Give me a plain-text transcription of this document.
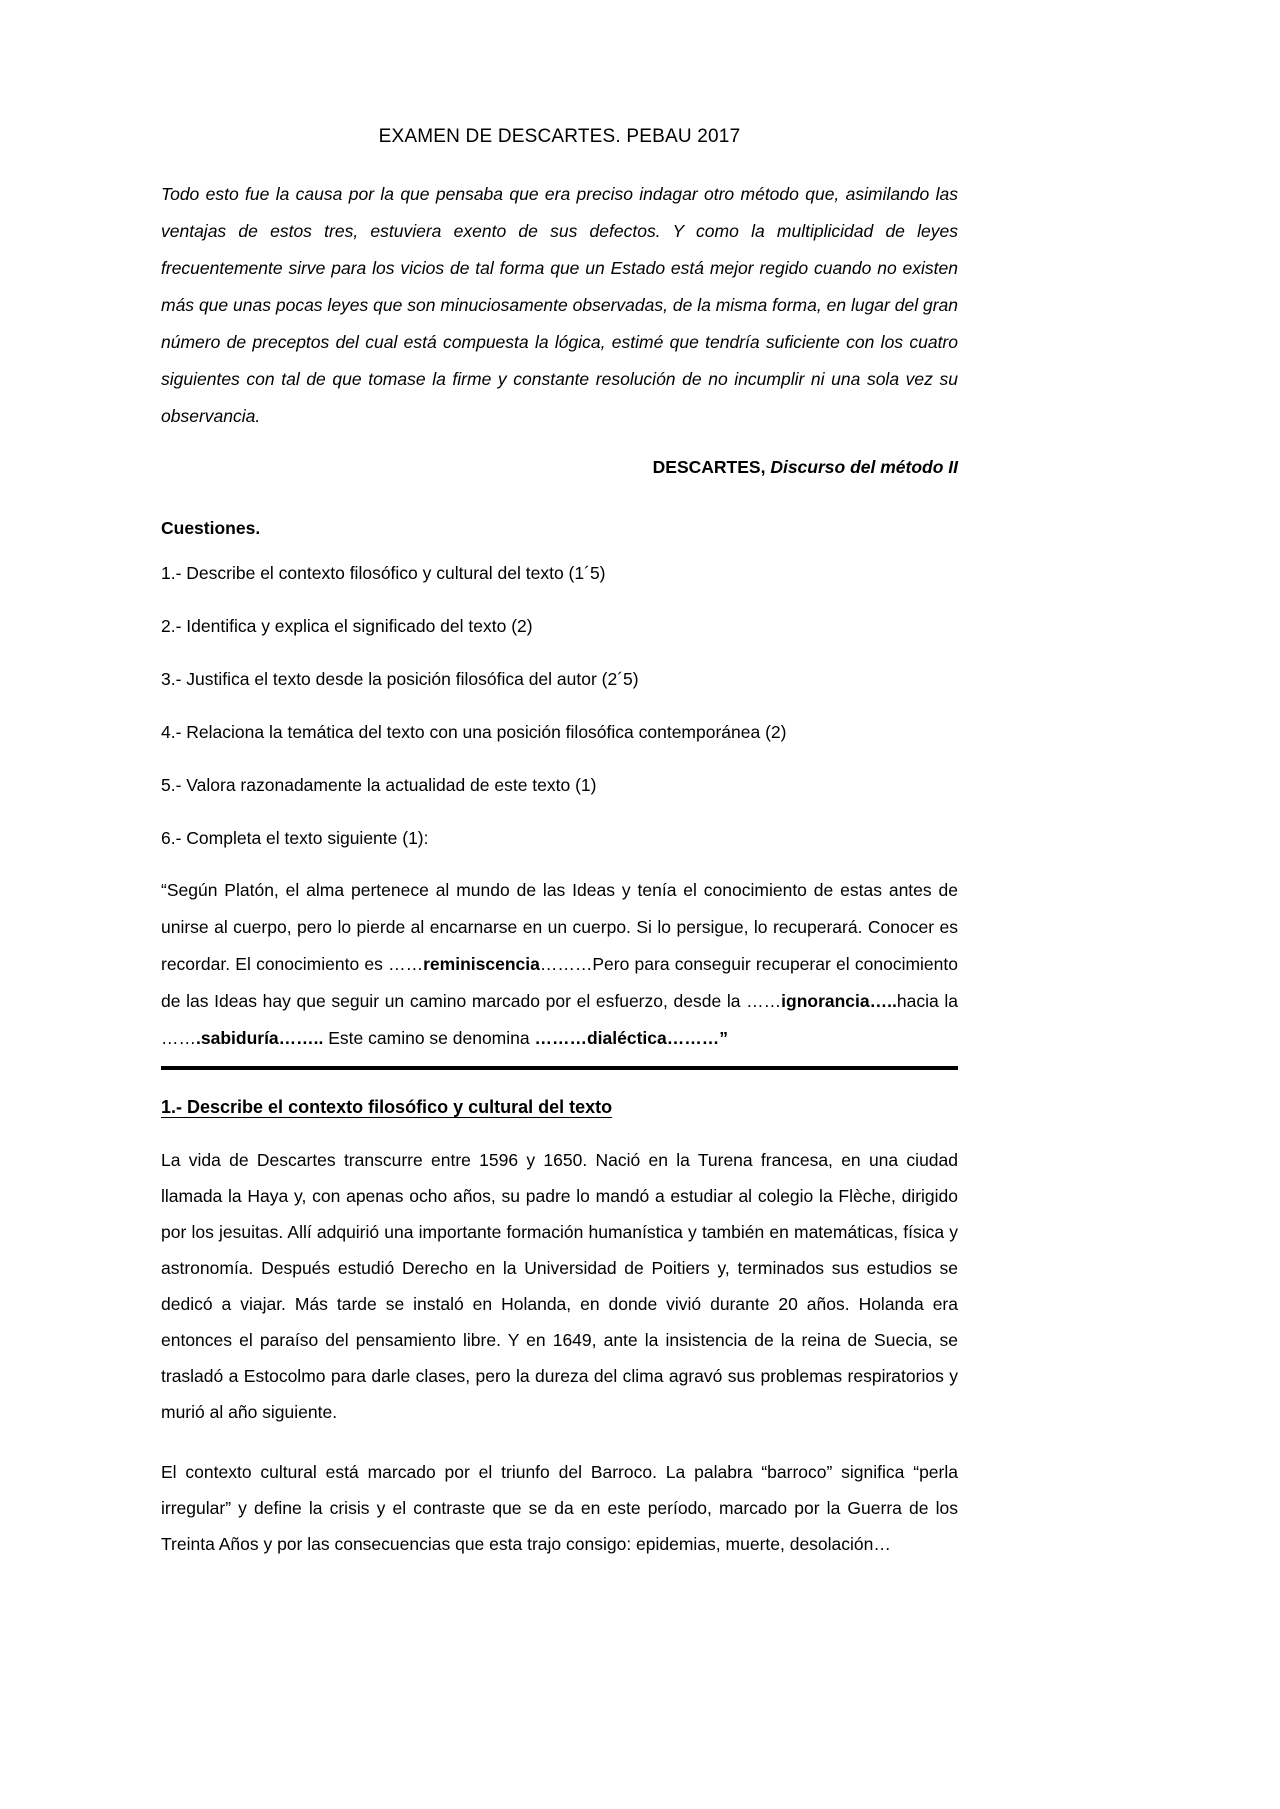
EXAMEN DE DESCARTES. PEBAU 2017

Todo esto fue la causa por la que pensaba que era preciso indagar otro método que, asimilando las ventajas de estos tres, estuviera exento de sus defectos. Y como la multiplicidad de leyes frecuentemente sirve para los vicios de tal forma que un Estado está mejor regido cuando no existen más que unas pocas leyes que son minuciosamente observadas, de la misma forma, en lugar del gran número de preceptos del cual está compuesta la lógica, estimé que tendría suficiente con los cuatro siguientes con tal de que tomase la firme y constante resolución de no incumplir ni una sola vez su observancia.

DESCARTES, Discurso del método II

Cuestiones.

1.- Describe el contexto filosófico y cultural del texto (1´5)

2.- Identifica y explica el significado del texto (2)

3.- Justifica el texto desde la posición filosófica del autor (2´5)

4.- Relaciona la temática del texto con una posición filosófica contemporánea (2)

5.- Valora razonadamente la actualidad de este texto (1)

6.- Completa el texto siguiente (1):

“Según Platón, el alma pertenece al mundo de las Ideas y tenía el conocimiento de estas antes de unirse al cuerpo, pero lo pierde al encarnarse en un cuerpo. Si lo persigue, lo recuperará. Conocer es recordar. El conocimiento es ……reminiscencia………Pero para conseguir recuperar el conocimiento de las Ideas hay que seguir un camino marcado por el esfuerzo, desde la ……ignorancia…..hacia la …….sabiduría…….. Este camino se denomina ………dialéctica………”

1.- Describe el contexto filosófico y cultural del texto

La vida de Descartes transcurre entre 1596 y 1650. Nació en la Turena francesa, en una ciudad llamada la Haya y, con apenas ocho años, su padre lo mandó a estudiar al colegio la Flèche, dirigido por los jesuitas. Allí adquirió una importante formación humanística y también en matemáticas, física y astronomía. Después estudió Derecho en la Universidad de Poitiers y, terminados sus estudios se dedicó a viajar. Más tarde se instaló en Holanda, en donde vivió durante 20 años. Holanda era entonces el paraíso del pensamiento libre. Y en 1649, ante la insistencia de la reina de Suecia, se trasladó a Estocolmo para darle clases, pero la dureza del clima agravó sus problemas respiratorios y murió al año siguiente.

El contexto cultural está marcado por el triunfo del Barroco. La palabra “barroco” significa “perla irregular” y define la crisis y el contraste que se da en este período, marcado por la Guerra de los Treinta Años y por las consecuencias que esta trajo consigo: epidemias, muerte, desolación…
